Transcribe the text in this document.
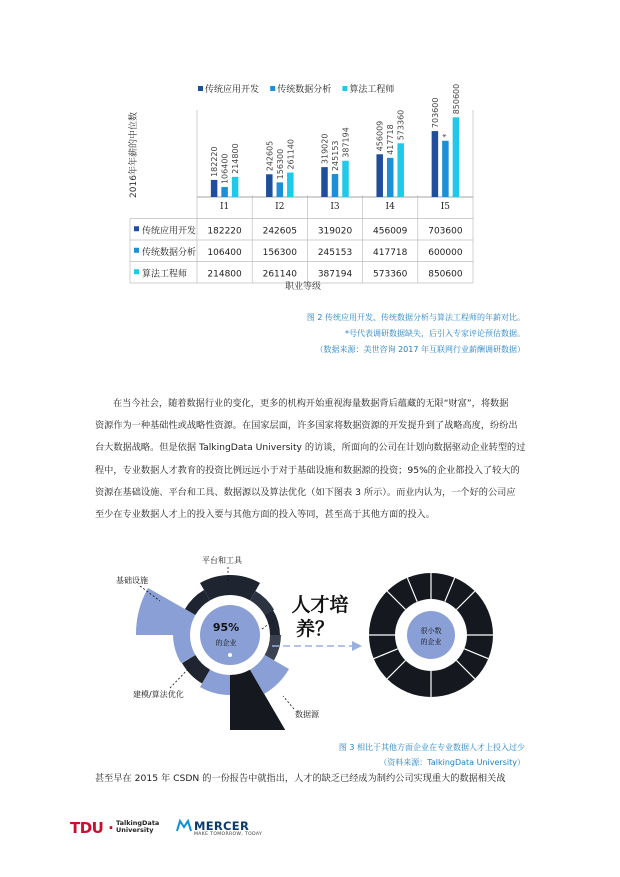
传统应用开发 传统数据分析 算法工程师
2016年年薪的中位数
I1
182220 106400 214800
I2
242605 156300 261140
I3
319020 245153 387194
I4
456009 417718 573360
I5
703600
*
850600
传统应用开发 182220 242605 319020 456009 703600
传统数据分析 106400 156300 245153 417718 600000
算法工程师 214800 261140 387194 573360 850600
职业等级
图 2 传统应用开发、传统数据分析与算法工程师的年薪对比。
*号代表调研数据缺失，后引入专家评论预估数据。
（数据来源：美世咨询 2017 年互联网行业薪酬调研数据）
在当今社会，随着数据行业的变化，更多的机构开始重视海量数据背后蕴藏的无限“财富”，将数据
资源作为一种基础性或战略性资源。在国家层面，许多国家将数据资源的开发提升到了战略高度，纷纷出
台大数据战略。但是依据 TalkingData University 的访谈，所面向的公司在计划向数据驱动企业转型的过
程中，专业数据人才教育的投资比例远远小于对于基础设施和数据源的投资；95%的企业都投入了较大的
资源在基础设施、平台和工具、数据源以及算法优化（如下图表 3 所示）。而业内认为，一个好的公司应
至少在专业数据人才上的投入要与其他方面的投入等同，甚至高于其他方面的投入。
95%
的企业
平台和工具
基础设施
建模/算法优化
数据源
人才培
养？	很小数
的企业
图 3 相比于其他方面企业在专业数据人才上投入过少
（资料来源：TalkingData University）
甚至早在 2015 年 CSDN 的一份报告中就指出，人才的缺乏已经成为制约公司实现重大的数据相关战
TDU · TalkingData
University	MERCER
MAKE TOMORROW, TODAY
